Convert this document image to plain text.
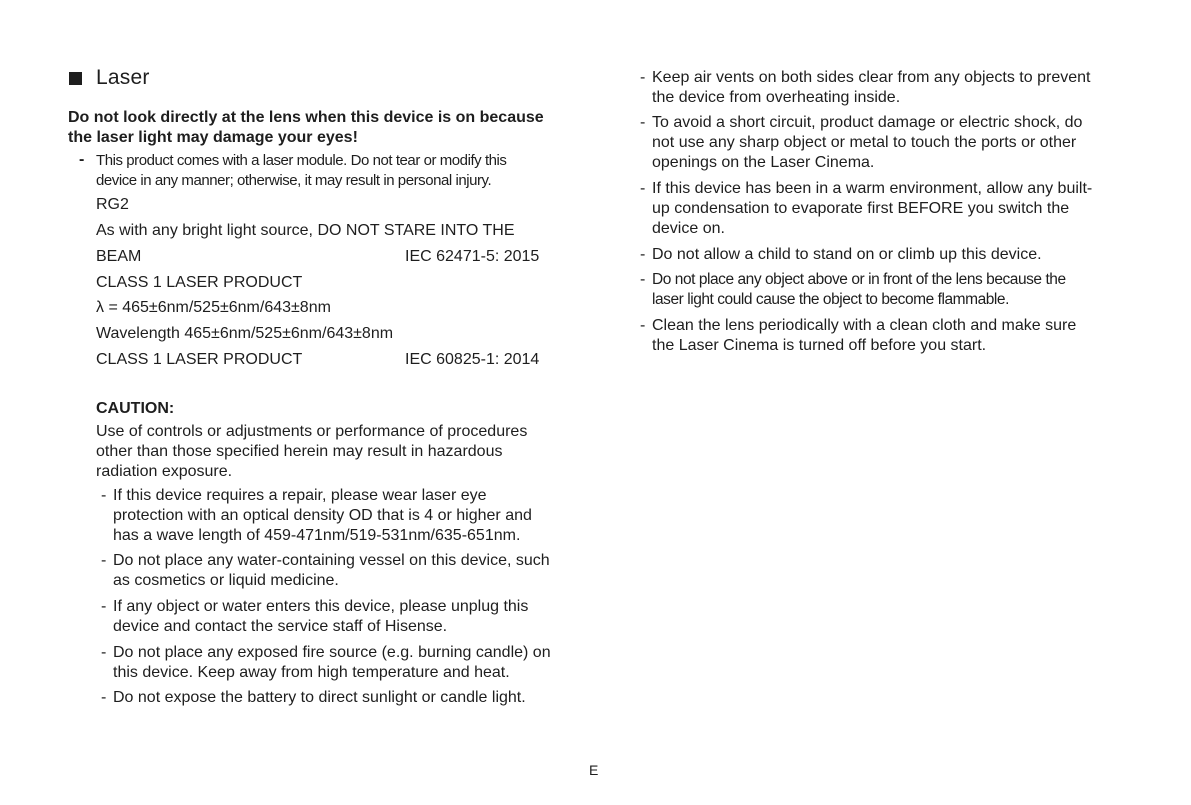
Laser
Do not look directly at the lens when this device is on because
the laser light may damage your eyes!
- This product comes with a laser module. Do not tear or modify this
device in any manner; otherwise, it may result in personal injury.
RG2
As with any bright light source, DO NOT STARE INTO THE
BEAM	IEC 62471-5: 2015
CLASS 1 LASER PRODUCT
λ = 465±6nm/525±6nm/643±8nm
Wavelength 465±6nm/525±6nm/643±8nm
CLASS 1 LASER PRODUCT	IEC 60825-1: 2014
CAUTION:
Use of controls or adjustments or performance of procedures
other than those specified herein may result in hazardous
radiation exposure.
- If this device requires a repair, please wear laser eye
protection with an optical density OD that is 4 or higher and
has a wave length of 459-471nm/519-531nm/635-651nm.
- Do not place any water-containing vessel on this device, such
as cosmetics or liquid medicine.
- If any object or water enters this device, please unplug this
device and contact the service staff of Hisense.
- Do not place any exposed fire source (e.g. burning candle) on
this device. Keep away from high temperature and heat.
- Do not expose the battery to direct sunlight or candle light.
- Keep air vents on both sides clear from any objects to prevent
the device from overheating inside.
- To avoid a short circuit, product damage or electric shock, do
not use any sharp object or metal to touch the ports or other
openings on the Laser Cinema.
- If this device has been in a warm environment, allow any built-
up condensation to evaporate first BEFORE you switch the
device on.
- Do not allow a child to stand on or climb up this device.
- Do not place any object above or in front of the lens because the
laser light could cause the object to become flammable.
- Clean the lens periodically with a clean cloth and make sure
the Laser Cinema is turned off before you start.
E
